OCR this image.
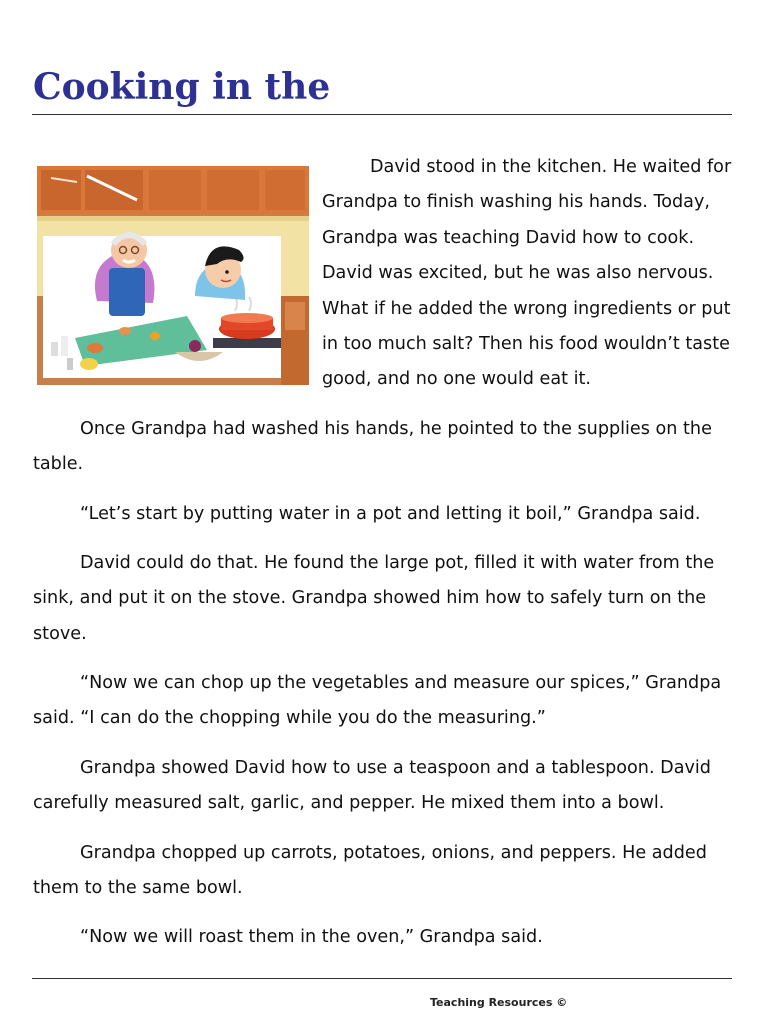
Cooking in the

David stood in the kitchen. He waited for

Grandpa to finish washing his hands. Today,

Grandpa was teaching David how to cook.

David was excited, but he was also nervous.

What if he added the wrong ingredients or put

in too much salt? Then his food wouldn’t taste

good, and no one would eat it.

Once Grandpa had washed his hands, he pointed to the supplies on the table.

“Let’s start by putting water in a pot and letting it boil,” Grandpa said.

David could do that. He found the large pot, filled it with water from the sink, and put it on the stove. Grandpa showed him how to safely turn on the stove.

“Now we can chop up the vegetables and measure our spices,” Grandpa said. “I can do the chopping while you do the measuring.”

Grandpa showed David how to use a teaspoon and a tablespoon. David carefully measured salt, garlic, and pepper. He mixed them into a bowl.

Grandpa chopped up carrots, potatoes, onions, and peppers. He added them to the same bowl.

“Now we will roast them in the oven,” Grandpa said.

Teaching Resources ©
